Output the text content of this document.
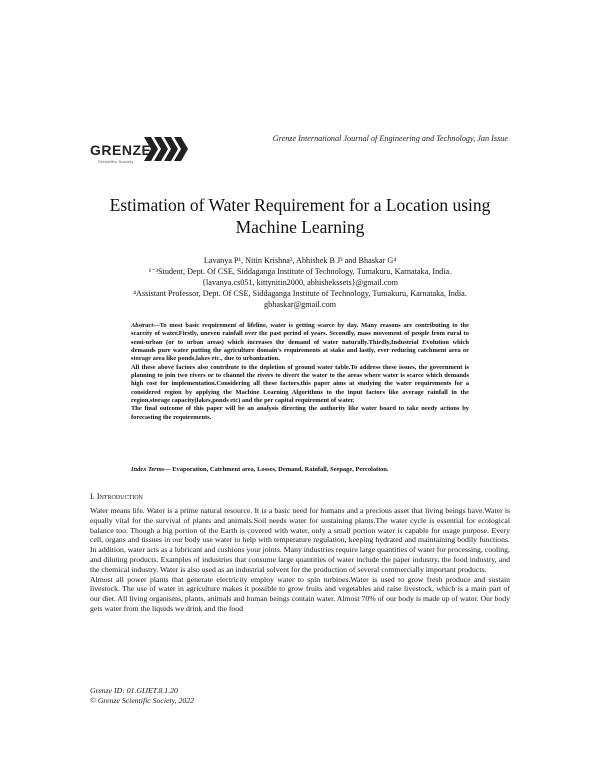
GRENZE
Scientific Society
Grenze International Journal of Engineering and Technology, Jan Issue
Estimation of Water Requirement for a Location using Machine Learning
Lavanya P¹, Nitin Krishna², Abhishek B J³ and Bhaskar G⁴
¹⁻³Student, Dept. Of CSE, Siddaganga Institute of Technology, Tumakuru, Karnataka, India.
{lavanya.cs051, kittynitin2000, abhishekssets}@gmail.com
⁴Assistant Professor, Dept. Of CSE, Siddaganga Institute of Technology, Tumakuru, Karnataka, India.
gbhaskar@gmail.com
Abstract—To most basic requirement of lifeline, water is getting scarce by day. Many reasons are contributing to the scarcity of water.Firstly, uneven rainfall over the past period of years. Secondly, mass movement of people from rural to semi-urban (or to urban areas) which increases the demand of water naturally.Thirdly,Industrial Evolution which demands pure water putting the agriculture domain's requirements at stake and lastly, ever reducing catchment area or storage area like ponds,lakes etc., due to urbanization.
All these above factors also contribute to the depletion of ground water table.To address these issues, the government is planning to join two rivers or to channel the rivers to divert the water to the areas where water is scarce which demands high cost for implementation.Considering all these factors,this paper aims at studying the water requirements for a considered region by applying the Machine Learning Algorithms to the input factors like average rainfall in the region,storage capacity(lakes,ponds etc) and the per capital requirement of water.
The final outcome of this paper will be an analysis directing the authority like water board to take needy actions by forecasting the requirements.
Index Terms— Evaporation, Catchment area, Losses, Demand, Rainfall, Seepage, Percolation.
I. Introduction

Water means life. Water is a prime natural resource. It is a basic need for humans and a precious asset that living beings have.Water is equally vital for the survival of plants and animals.Soil needs water for sustaining plants.The water cycle is essential for ecological balance too. Though a big portion of the Earth is covered with water, only a small portion water is capable for usage purpose. Every cell, organs and tissues in our body use water to help with temperature regulation, keeping hydrated and maintaining bodily functions. In addition, water acts as a lubricant and cushions your joints. Many industries require large quantities of water for processing, cooling, and diluting products. Examples of industries that consume large quantities of water include the paper industry, the food industry, and the chemical industry. Water is also used as an industrial solvent for the production of several commercially important products.

Almost all power plants that generate electricity employ water to spin turbines.Water is used to grow fresh produce and sustain livestock. The use of water in agriculture makes it possible to grow fruits and vegetables and raise livestock, which is a main part of our diet. All living organisms, plants, animals and human beings contain water. Almost 70% of our body is made up of water. Our body gets water from the liquids we drink and the food

Grenze ID: 01.GIJET.8.1.20
© Grenze Scientific Society, 2022
